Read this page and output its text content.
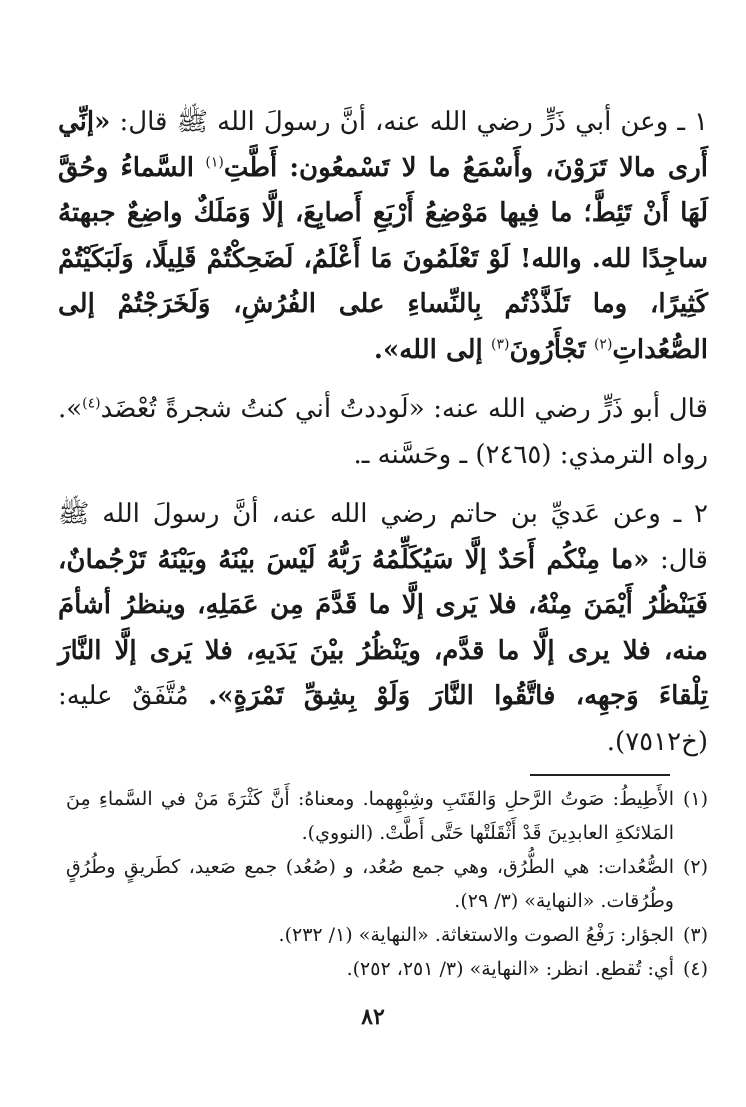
١ ـ وعن أبي ذَرٍّ رضي الله عنه، أنَّ رسولَ الله ﷺ قال: «إنِّي أَرى مالا تَرَوْنَ، وأَسْمَعُ ما لا تَسْمعُون: أَطَّتِ$^{(١)}$ السَّماءُ وحُقَّ لَهَا أَنْ تَئِطَّ؛ ما فِيها مَوْضِعُ أَرْبَعِ أَصابِعَ، إلَّا وَمَلَكٌ واضِعٌ جبهتهُ ساجِدًا لله. والله! لَوْ تَعْلَمُونَ مَا أَعْلَمُ، لَضَحِكْتُمْ قَلِيلًا، وَلَبَكَيْتُمْ كَثِيرًا، وما تَلَذَّذْتُم بِالنِّساءِ على الفُرُشِ، وَلَخَرَجْتُمْ إلى الصُّعُداتِ$^{(٢)}$ تَجْأَرُونَ$^{(٣)}$ إلى الله».

قال أبو ذَرٍّ رضي الله عنه: «لَوددتُ أني كنتُ شجرةً تُعْضَد$^{(٤)}$». رواه الترمذي: (٢٤٦٥) ـ وحَسَّنه ـ.

٢ ـ وعن عَديِّ بن حاتم رضي الله عنه، أنَّ رسولَ الله ﷺ قال: «ما مِنْكُم أَحَدٌ إلَّا سَيُكَلِّمُهُ رَبُّهُ لَيْسَ بيْنَهُ وبَيْنَهُ تَرْجُمانٌ، فَيَنْظُرُ أَيْمَنَ مِنْهُ، فلا يَرى إلَّا ما قَدَّمَ مِن عَمَلِهِ، وينظرُ أشأمَ منه، فلا يرى إلَّا ما قدَّم، ويَنْظُرُ بيْنَ يَدَيهِ، فلا يَرى إلَّا النَّارَ تِلْقاءَ وَجهِه، فاتَّقُوا النَّارَ وَلَوْ بِشِقِّ تَمْرَةٍ». مُتَّفَقٌ عليه: (خ٧٥١٢).

(١)الأَطِيطُ: صَوتُ الرَّحلِ وَالقَتَبِ وشِبْهِهما. ومعناهُ: أَنَّ كَثْرَةَ مَنْ في السَّماءِ مِنَ المَلائكةِ العابدِينَ قَدْ أَثْقَلَتْها حَتَّى أَطَّتْ. (النووي).

(٢)الصُّعُدات: هي الطُّرُق، وهي جمع صُعُد، و (صُعُد) جمع صَعيد، كطَريقٍ وطُرُقٍ وطُرُقات. «النهاية» (٣/ ٢٩).

(٣)الجؤار: رَفْعُ الصوت والاستغاثة. «النهاية» (١/ ٢٣٢).

(٤)أي: تُقطع. انظر: «النهاية» (٣/ ٢٥١، ٢٥٢).

٨٢
